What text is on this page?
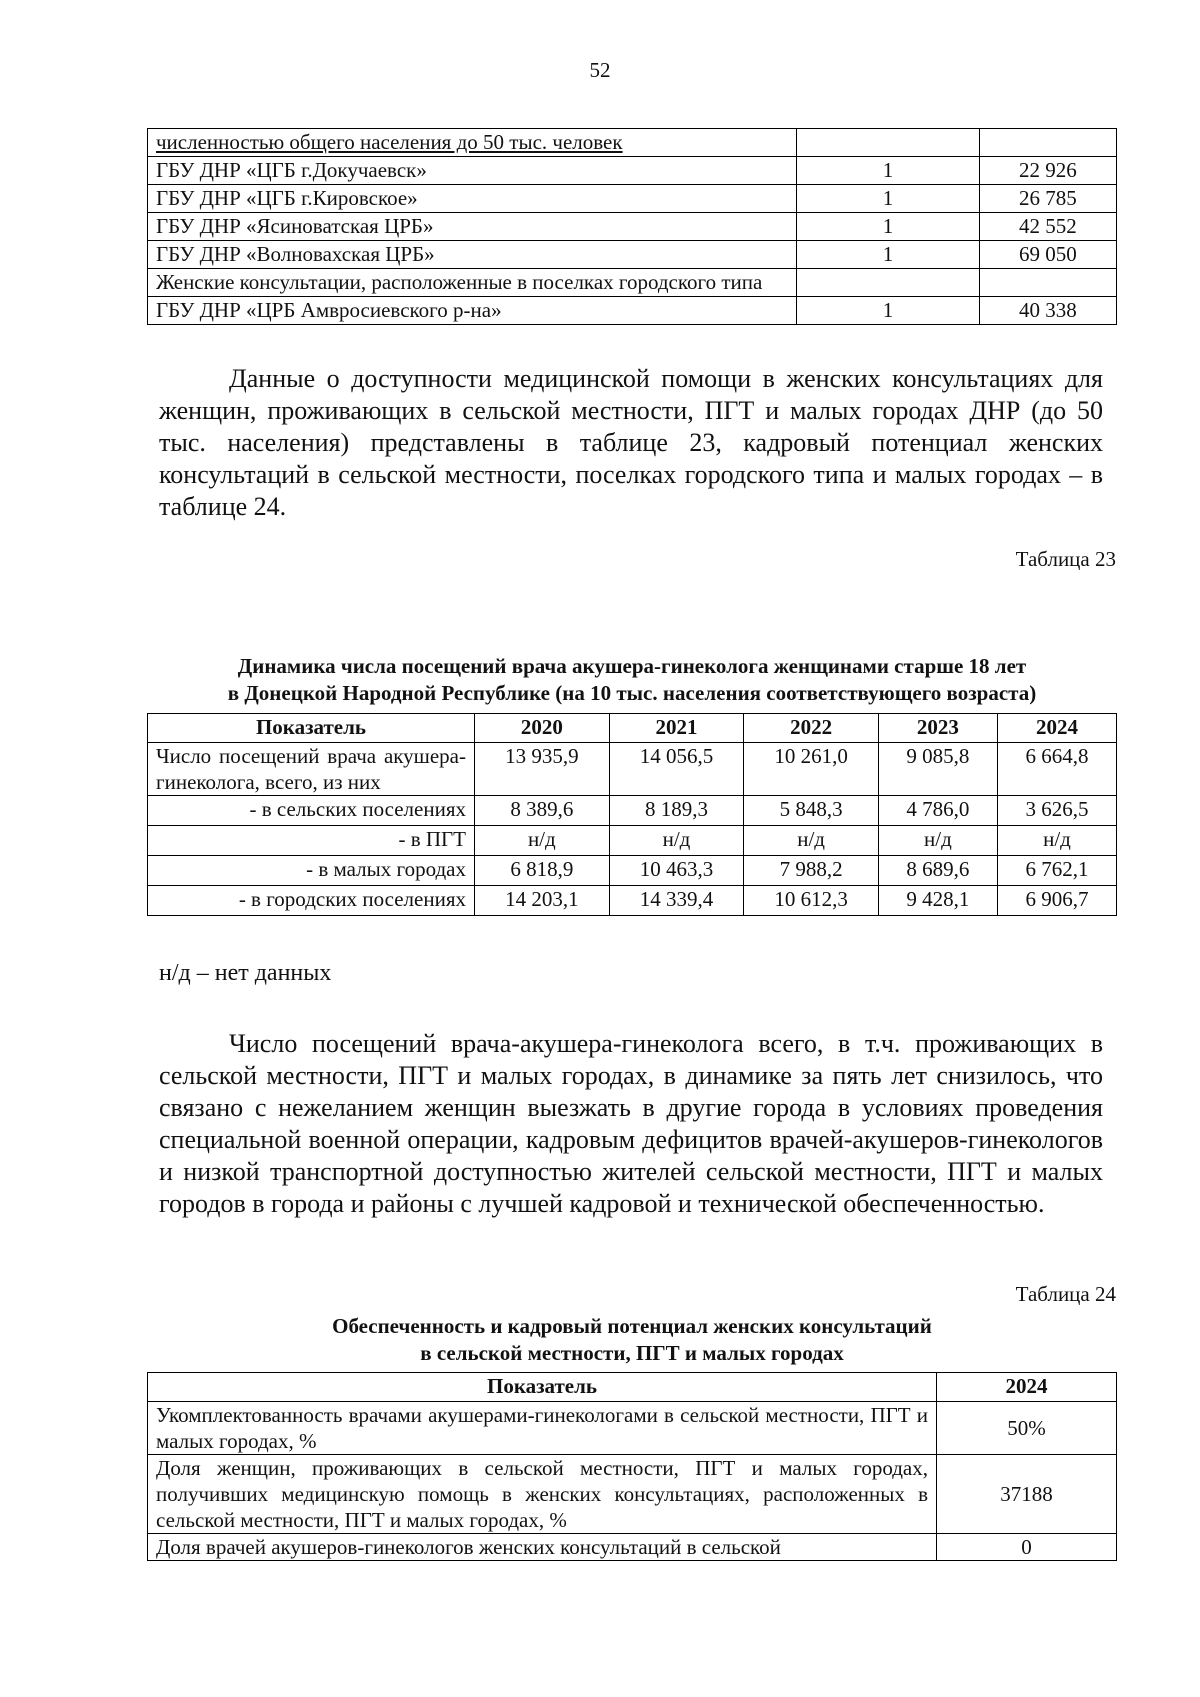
52
численностью общего населения до 50 тыс. человек		
ГБУ ДНР «ЦГБ г.Докучаевск»	1	22 926
ГБУ ДНР «ЦГБ г.Кировское»	1	26 785
ГБУ ДНР «Ясиноватская ЦРБ»	1	42 552
ГБУ ДНР «Волновахская ЦРБ»	1	69 050
Женские консультации, расположенные в поселках городского типа		
ГБУ ДНР «ЦРБ Амвросиевского р-на»	1	40 338

Данные о доступности медицинской помощи в женских консультациях для женщин, проживающих в сельской местности, ПГТ и малых городах ДНР (до 50 тыс. населения) представлены в таблице 23, кадровый потенциал женских консультаций в сельской местности, поселках городского типа и малых городах – в таблице 24.

Таблица 23
Динамика числа посещений врача акушера-гинеколога женщинами старше 18 лет
в Донецкой Народной Республике (на 10 тыс. населения соответствующего возраста)
Показатель	2020	2021	2022	2023	2024
Число посещений врача акушера-гинеколога, всего, из них	13 935,9	14 056,5	10 261,0	9 085,8	6 664,8
- в сельских поселениях	8 389,6	8 189,3	5 848,3	4 786,0	3 626,5
- в ПГТ	н/д	н/д	н/д	н/д	н/д
- в малых городах	6 818,9	10 463,3	7 988,2	8 689,6	6 762,1
- в городских поселениях	14 203,1	14 339,4	10 612,3	9 428,1	6 906,7
н/д – нет данных

Число посещений врача-акушера-гинеколога всего, в т.ч. проживающих в сельской местности, ПГТ и малых городах, в динамике за пять лет снизилось, что связано с нежеланием женщин выезжать в другие города в условиях проведения специальной военной операции, кадровым дефицитов врачей-акушеров-гинекологов и низкой транспортной доступностью жителей сельской местности, ПГТ и малых городов в города и районы с лучшей кадровой и технической обеспеченностью.

Таблица 24
Обеспеченность и кадровый потенциал женских консультаций
в сельской местности, ПГТ и малых городах
Показатель	2024
Укомплектованность врачами акушерами-гинекологами в сельской местности, ПГТ и малых городах, %	50%
Доля женщин, проживающих в сельской местности, ПГТ и малых городах, получивших медицинскую помощь в женских консультациях, расположенных в сельской местности, ПГТ и малых городах, %	37188
Доля врачей акушеров-гинекологов женских консультаций в сельской	0
